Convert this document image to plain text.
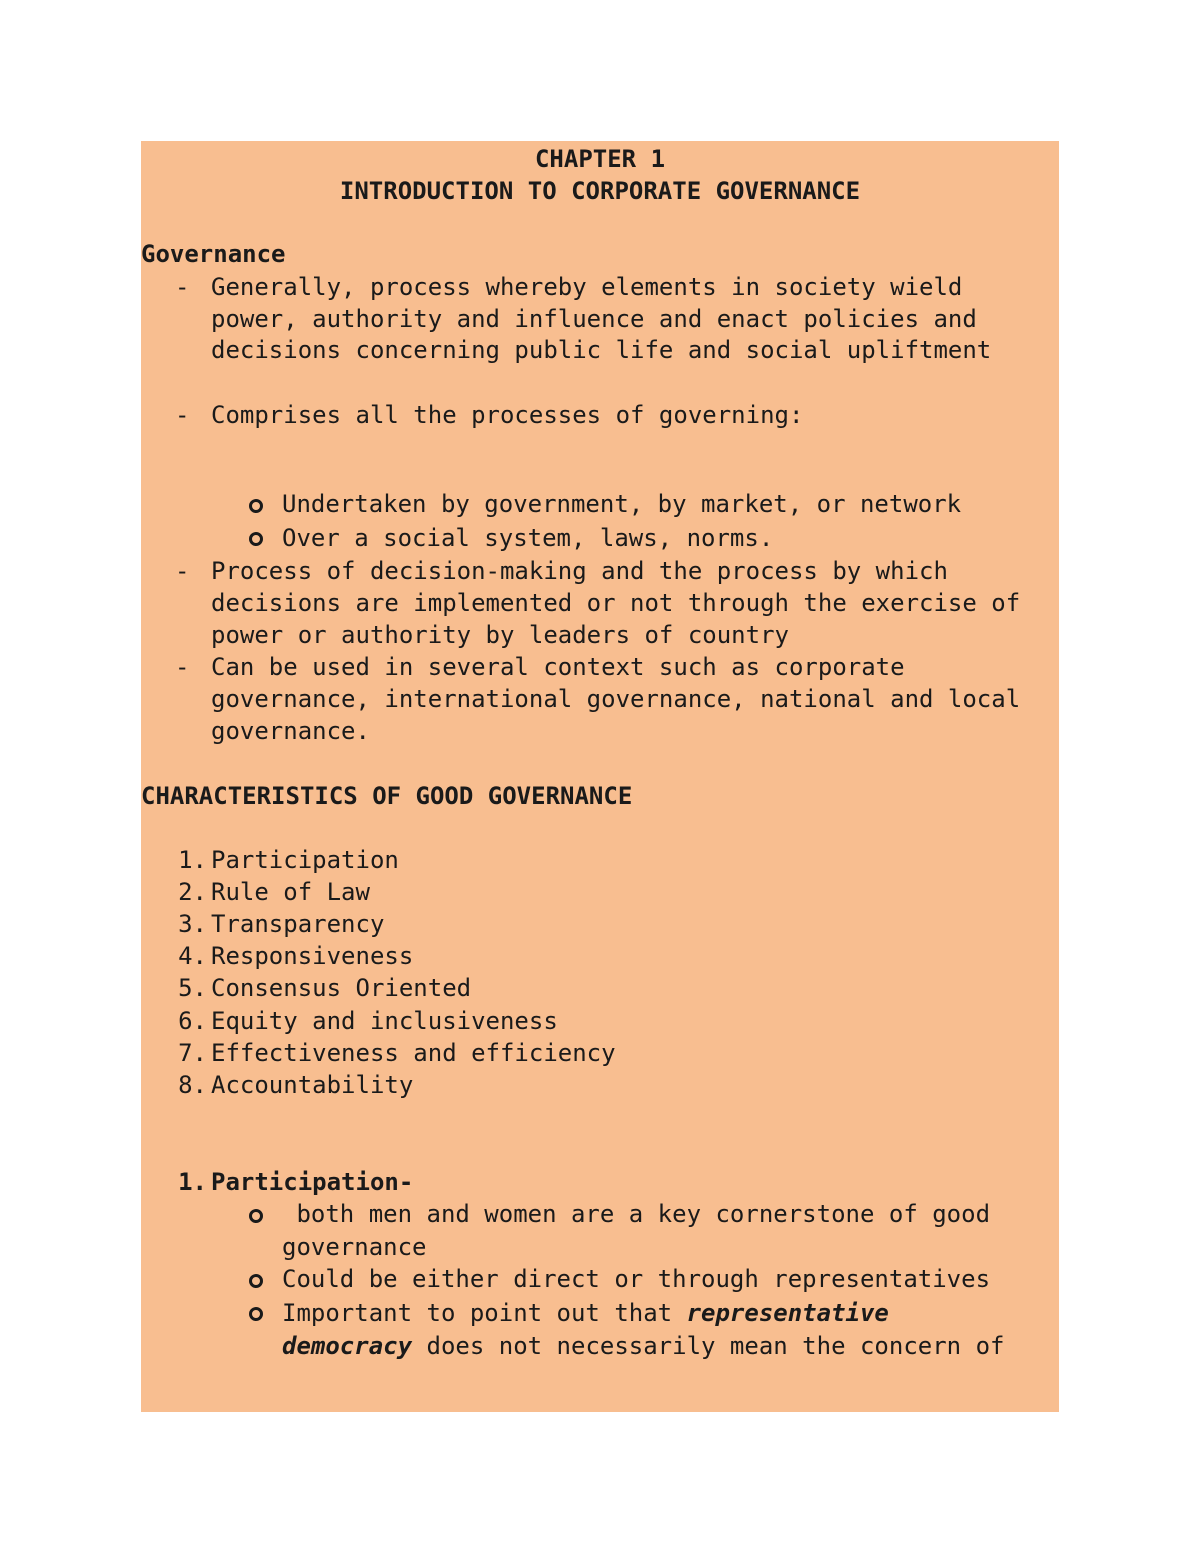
CHAPTER 1
INTRODUCTION TO CORPORATE GOVERNANCE
Governance
- Generally, process whereby elements in society wield
power, authority and influence and enact policies and
decisions concerning public life and social upliftment
- Comprises all the processes of governing:
Undertaken by government, by market, or network
Over a social system, laws, norms.
- Process of decision-making and the process by which
decisions are implemented or not through the exercise of
power or authority by leaders of country
- Can be used in several context such as corporate
governance, international governance, national and local
governance.
CHARACTERISTICS OF GOOD GOVERNANCE
1. Participation
2. Rule of Law
3. Transparency
4. Responsiveness
5. Consensus Oriented
6. Equity and inclusiveness
7. Effectiveness and efficiency
8. Accountability
1. Participation-
both men and women are a key cornerstone of good
governance
Could be either direct or through representatives
Important to point out that representative
democracy does not necessarily mean the concern of
